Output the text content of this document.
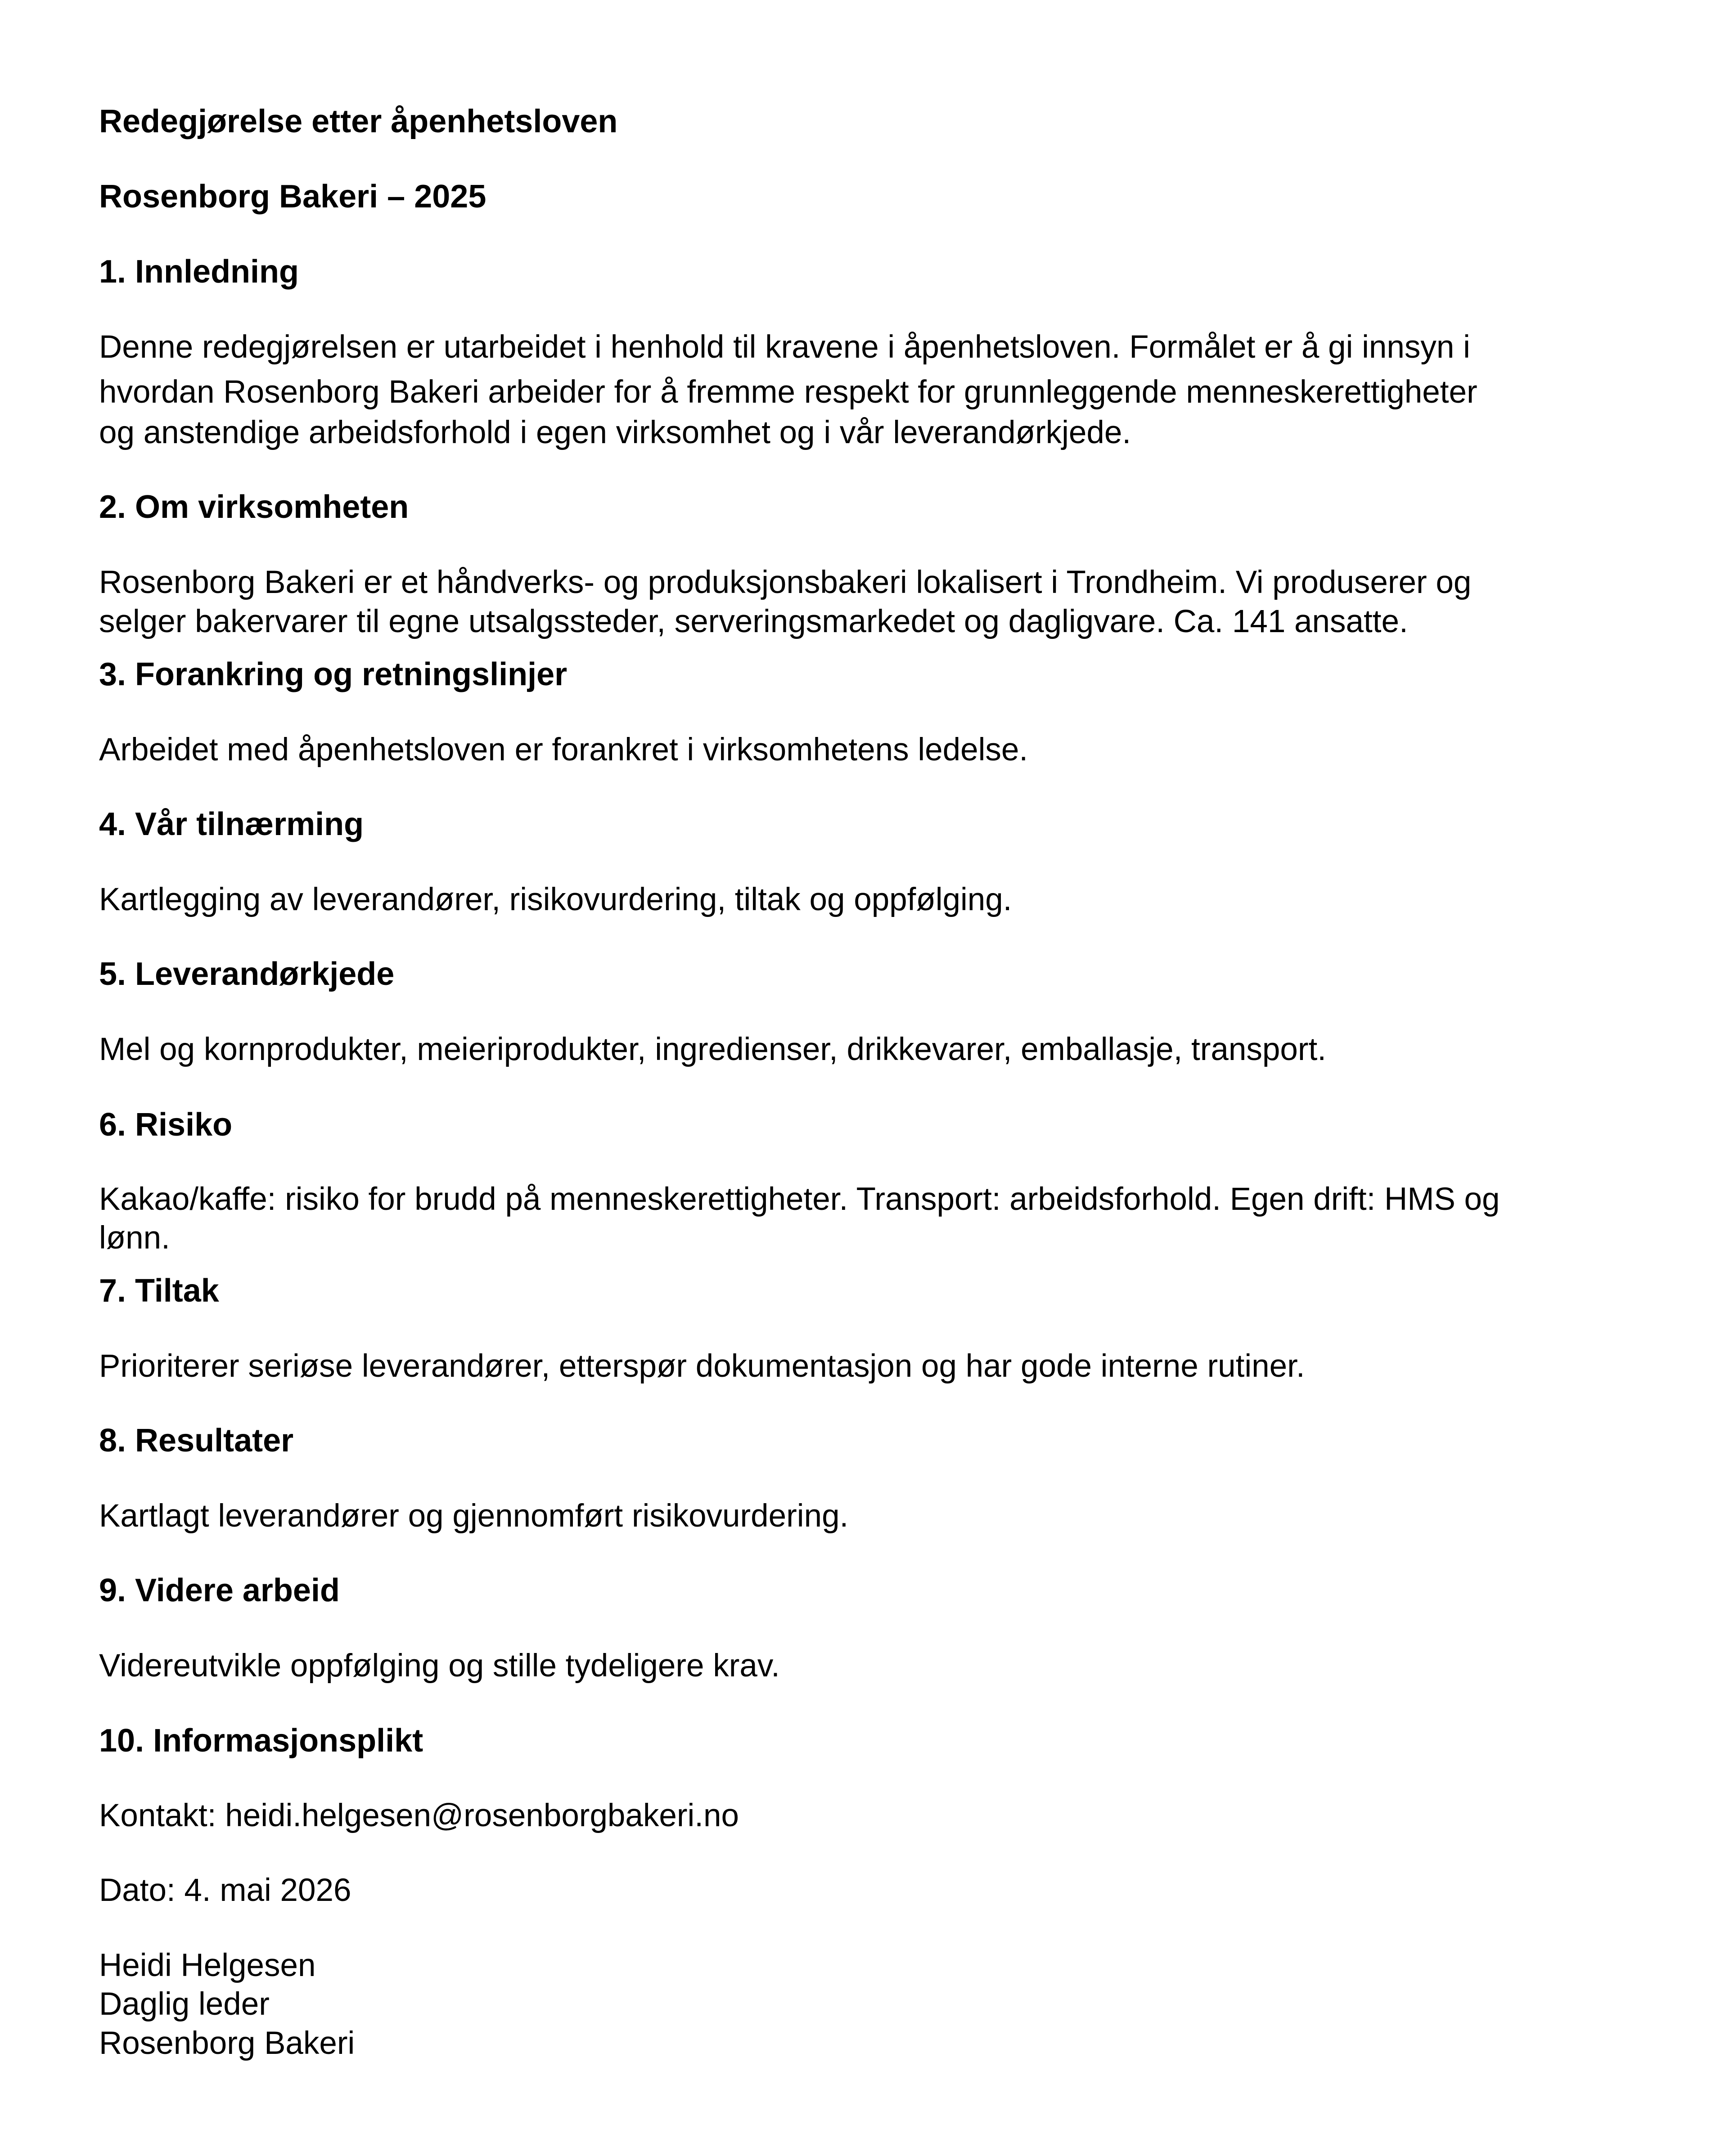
Redegjørelse etter åpenhetsloven

Rosenborg Bakeri – 2025

1. Innledning

Denne redegjørelsen er utarbeidet i henhold til kravene i åpenhetsloven. Formålet er å gi innsyn i

hvordan Rosenborg Bakeri arbeider for å fremme respekt for grunnleggende menneskerettigheter

og anstendige arbeidsforhold i egen virksomhet og i vår leverandørkjede.

2. Om virksomheten

Rosenborg Bakeri er et håndverks- og produksjonsbakeri lokalisert i Trondheim. Vi produserer og

selger bakervarer til egne utsalgssteder, serveringsmarkedet og dagligvare. Ca. 141 ansatte.

3. Forankring og retningslinjer

Arbeidet med åpenhetsloven er forankret i virksomhetens ledelse.

4. Vår tilnærming

Kartlegging av leverandører, risikovurdering, tiltak og oppfølging.

5. Leverandørkjede

Mel og kornprodukter, meieriprodukter, ingredienser, drikkevarer, emballasje, transport.

6. Risiko

Kakao/kaffe: risiko for brudd på menneskerettigheter. Transport: arbeidsforhold. Egen drift: HMS og

lønn.

7. Tiltak

Prioriterer seriøse leverandører, etterspør dokumentasjon og har gode interne rutiner.

8. Resultater

Kartlagt leverandører og gjennomført risikovurdering.

9. Videre arbeid

Videreutvikle oppfølging og stille tydeligere krav.

10. Informasjonsplikt

Kontakt: heidi.helgesen@rosenborgbakeri.no

Dato: 4. mai 2026

Heidi Helgesen

Daglig leder

Rosenborg Bakeri
